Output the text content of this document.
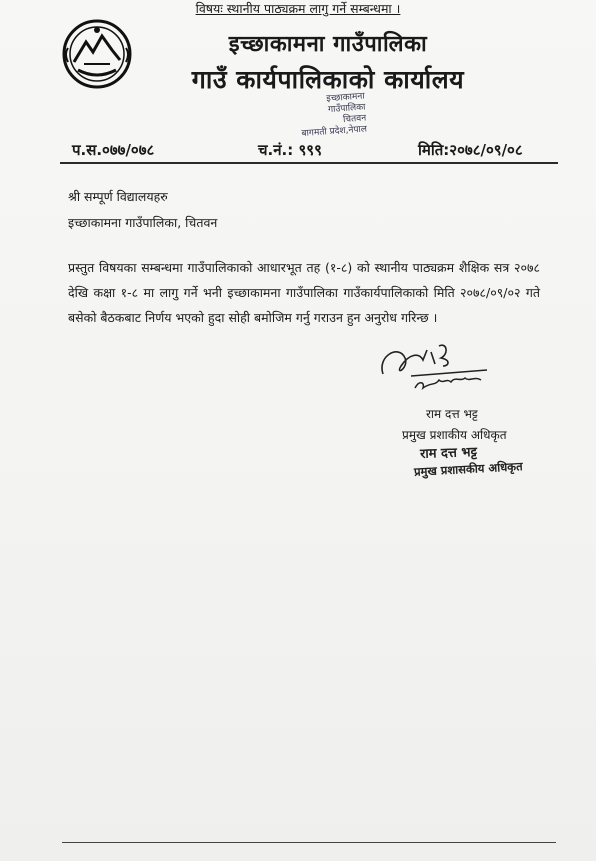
इच्छाकामना गाउँपालिका
गाउँ कार्यपालिकाको कार्यालय
इच्छाकामना
गाउँपालिका
चितवन
बागमती प्रदेश,नेपाल
प.स.०७७/०७८	च.नं.: ९९९	मिति:२०७८/०९/०८
श्री सम्पूर्ण विद्यालयहरु
इच्छाकामना गाउँपालिका, चितवन
विषयः स्थानीय पाठ्यक्रम लागु गर्ने सम्बन्धमा ।
प्रस्तुत विषयका सम्बन्धमा गाउँपालिकाको आधारभूत तह (१-८) को स्थानीय पाठ्यक्रम शैक्षिक सत्र २०७८ देखि कक्षा १-८ मा लागु गर्ने भनी इच्छाकामना गाउँपालिका गाउँकार्यपालिकाको मिति २०७८/०९/०२ गते बसेको बैठकबाट निर्णय भएको हुदा सोही बमोजिम गर्नु गराउन हुन अनुरोध गरिन्छ ।
राम दत्त भट्ट
प्रमुख प्रशाकीय अधिकृत
राम दत्त भट्ट
प्रमुख प्रशासकीय अधिकृत
